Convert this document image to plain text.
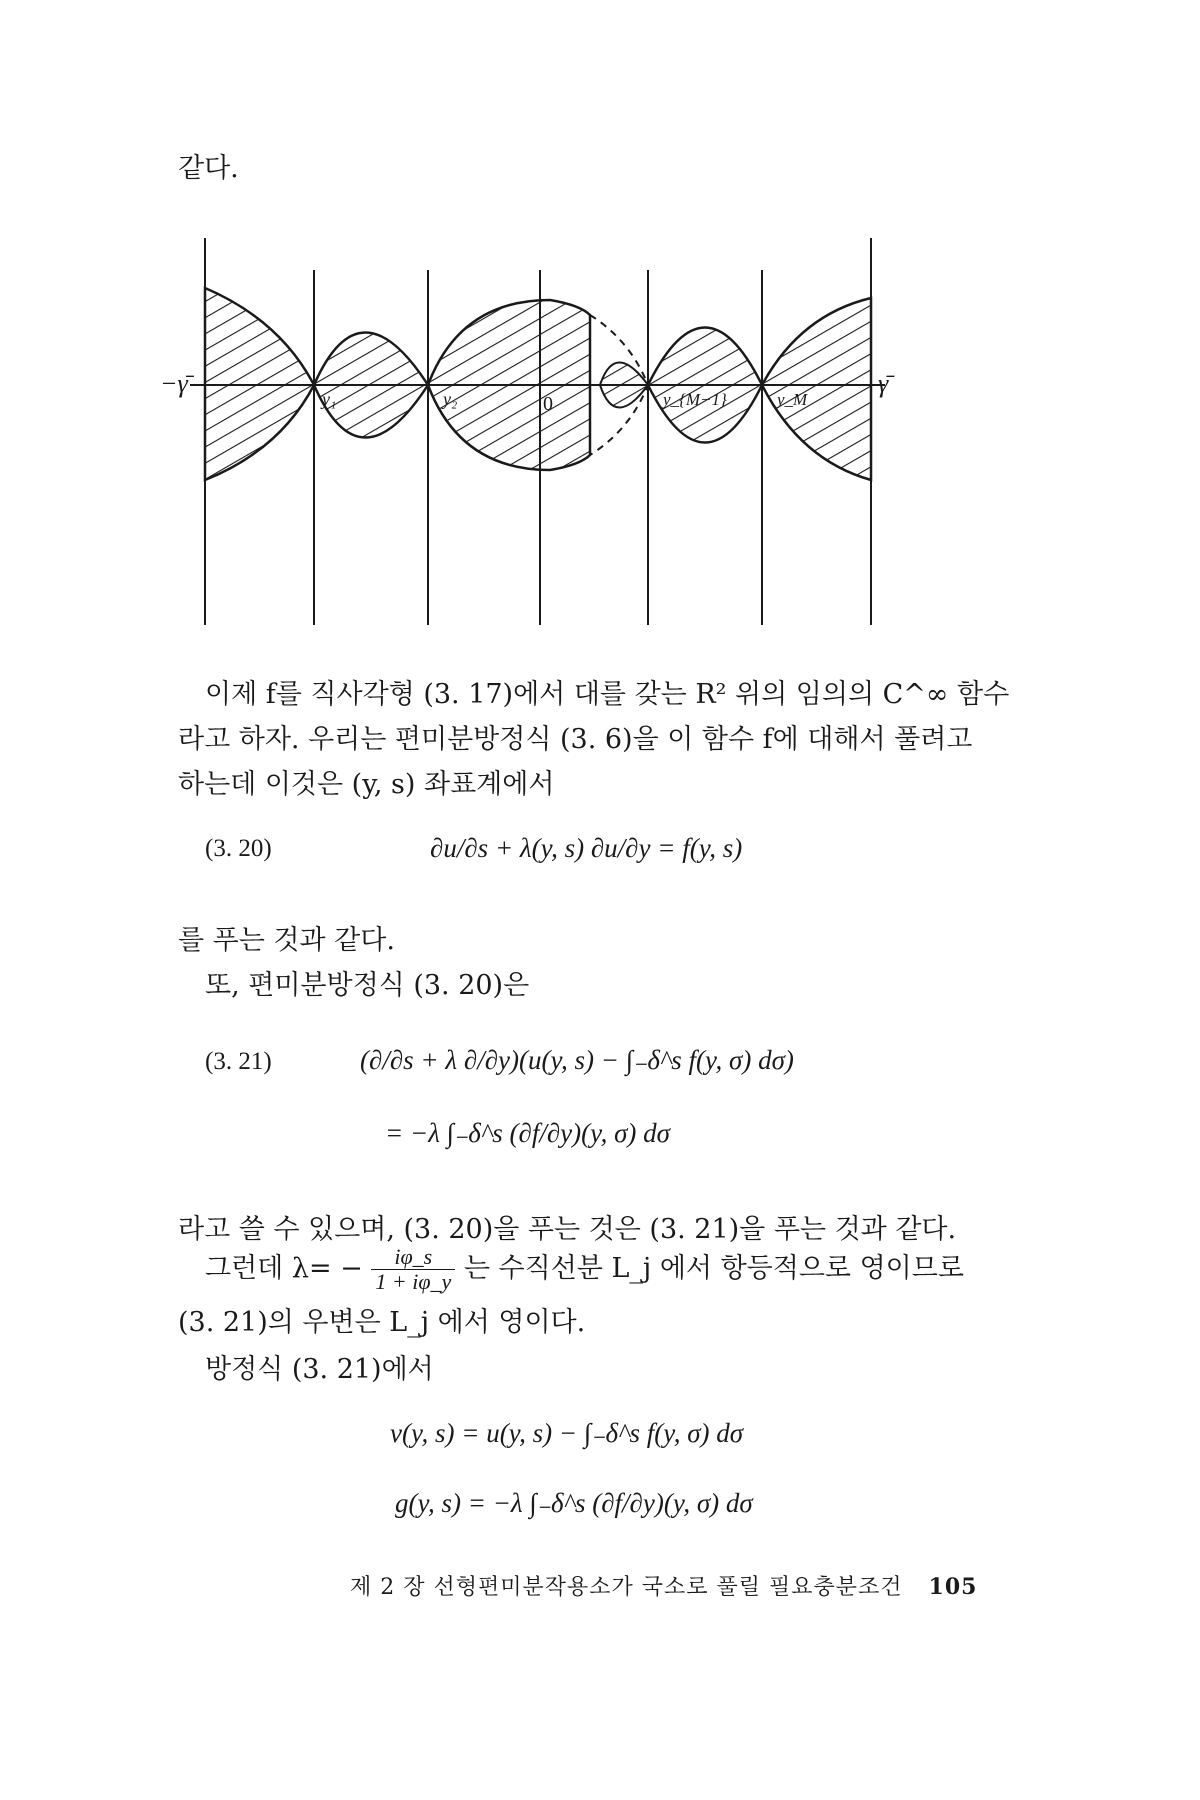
같다.
−γ̄	γ̄
y₁	y₂	0	y_{M−1}	y_M
이제 f를 직사각형 (3. 17)에서 대를 갖는 R² 위의 임의의 C^∞ 함수
라고 하자. 우리는 편미분방정식 (3. 6)을 이 함수 f에 대해서 풀려고
하는데 이것은 (y, s) 좌표계에서
(3. 20)	∂u/∂s + λ(y, s) ∂u/∂y = f(y, s)
를 푸는 것과 같다.
또, 편미분방정식 (3. 20)은
(3. 21)	(∂/∂s + λ ∂/∂y)(u(y, s) − ∫₋δ^s f(y, σ) dσ)
= −λ ∫₋δ^s (∂f/∂y)(y, σ) dσ
라고 쓸 수 있으며, (3. 20)을 푸는 것은 (3. 21)을 푸는 것과 같다.
그런데 $\lambda= - \frac{i\varphi\_s}{1 + i\varphi\_y}$ 는 수직선분 L_j 에서 항등적으로 영이므로
(3. 21)의 우변은 L_j 에서 영이다.
방정식 (3. 21)에서
v(y, s) = u(y, s) − ∫₋δ^s f(y, σ) dσ
g(y, s) = −λ ∫₋δ^s (∂f/∂y)(y, σ) dσ
제 2 장 선형편미분작용소가 국소로 풀릴 필요충분조건 105
